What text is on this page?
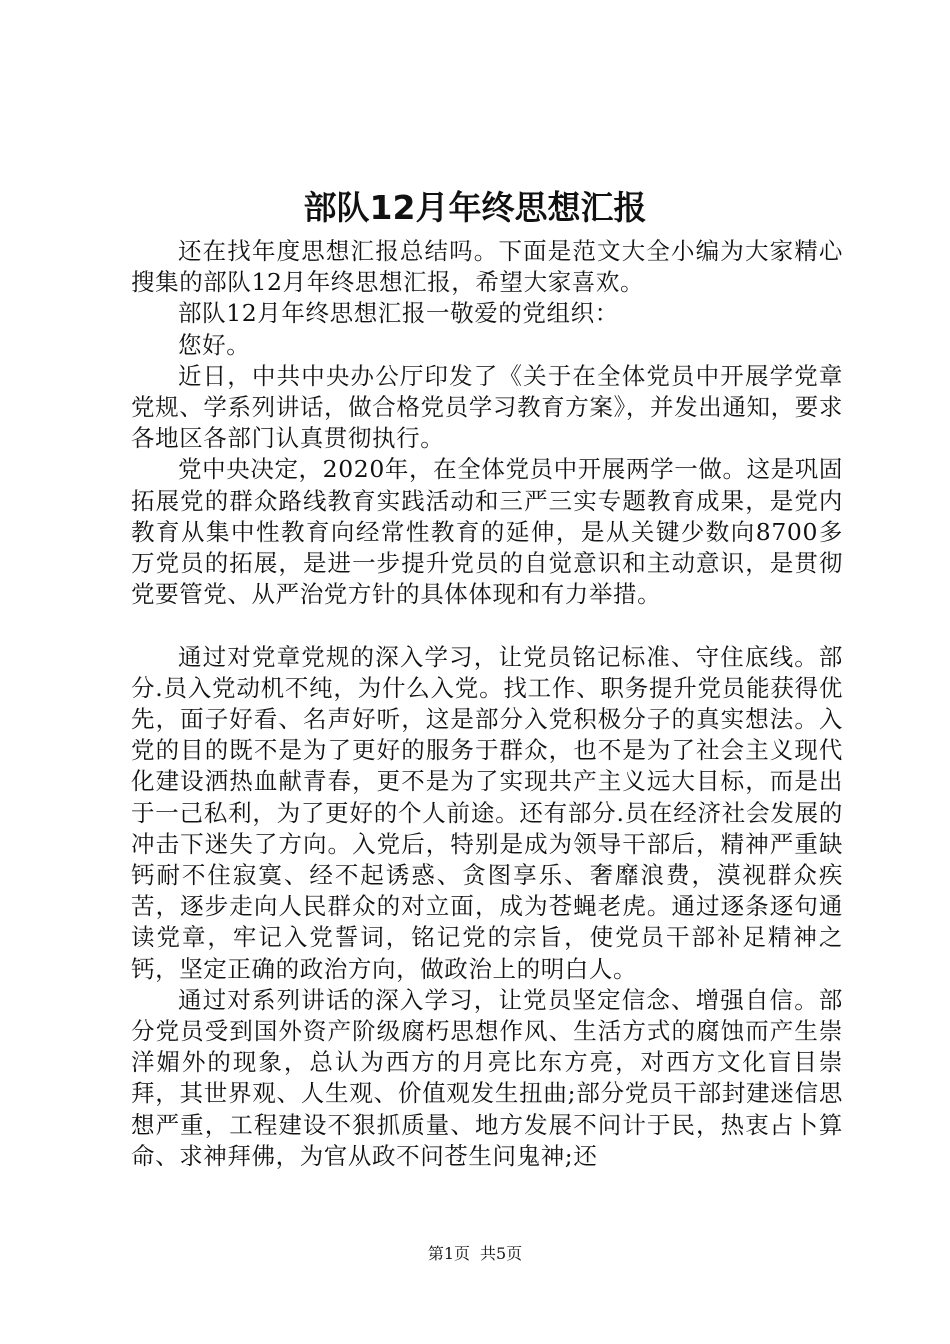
部队12月年终思想汇报

还在找年度思想汇报总结吗。下面是范文大全小编为大家精心搜集的部队12月年终思想汇报，希望大家喜欢。

部队12月年终思想汇报一敬爱的党组织：

您好。

近日，中共中央办公厅印发了《关于在全体党员中开展学党章党规、学系列讲话，做合格党员学习教育方案》，并发出通知，要求各地区各部门认真贯彻执行。

党中央决定，2020年，在全体党员中开展两学一做。这是巩固拓展党的群众路线教育实践活动和三严三实专题教育成果，是党内教育从集中性教育向经常性教育的延伸，是从关键少数向8700多万党员的拓展，是进一步提升党员的自觉意识和主动意识，是贯彻党要管党、从严治党方针的具体体现和有力举措。

通过对党章党规的深入学习，让党员铭记标准、守住底线。部分.员入党动机不纯，为什么入党。找工作、职务提升党员能获得优先，面子好看、名声好听，这是部分入党积极分子的真实想法。入党的目的既不是为了更好的服务于群众，也不是为了社会主义现代化建设洒热血献青春，更不是为了实现共产主义远大目标，而是出于一己私利，为了更好的个人前途。还有部分.员在经济社会发展的冲击下迷失了方向。入党后，特别是成为领导干部后，精神严重缺钙耐不住寂寞、经不起诱惑、贪图享乐、奢靡浪费，漠视群众疾苦，逐步走向人民群众的对立面，成为苍蝇老虎。通过逐条逐句通读党章，牢记入党誓词，铭记党的宗旨，使党员干部补足精神之钙，坚定正确的政治方向，做政治上的明白人。

通过对系列讲话的深入学习，让党员坚定信念、增强自信。部分党员受到国外资产阶级腐朽思想作风、生活方式的腐蚀而产生崇洋媚外的现象，总认为西方的月亮比东方亮，对西方文化盲目崇拜，其世界观、人生观、价值观发生扭曲;部分党员干部封建迷信思想严重，工程建设不狠抓质量、地方发展不问计于民，热衷占卜算命、求神拜佛，为官从政不问苍生问鬼神;还

第1页 共5页
